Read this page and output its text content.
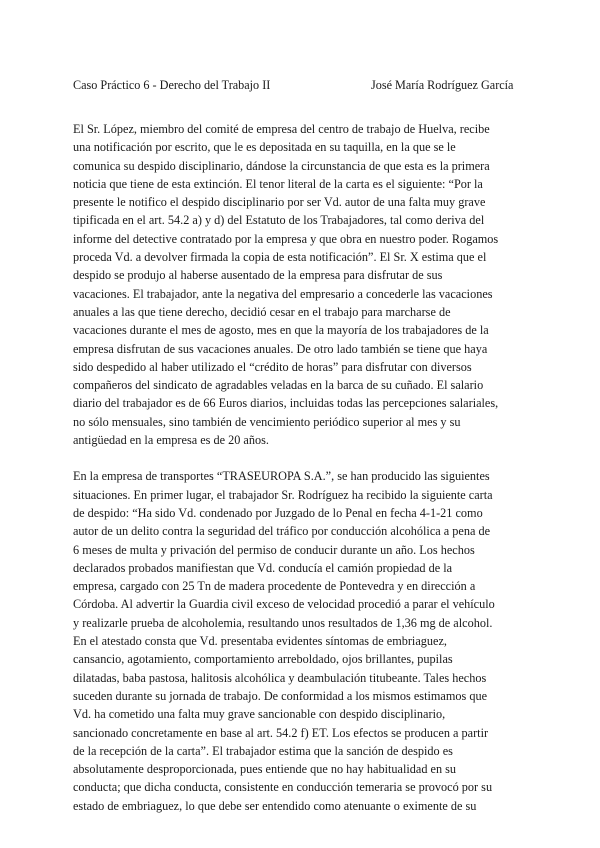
Caso Práctico 6 - Derecho del Trabajo II	José María Rodríguez García

El Sr. López, miembro del comité de empresa del centro de trabajo de Huelva, recibe
una notificación por escrito, que le es depositada en su taquilla, en la que se le
comunica su despido disciplinario, dándose la circunstancia de que esta es la primera
noticia que tiene de esta extinción. El tenor literal de la carta es el siguiente: “Por la
presente le notifico el despido disciplinario por ser Vd. autor de una falta muy grave
tipificada en el art. 54.2 a) y d) del Estatuto de los Trabajadores, tal como deriva del
informe del detective contratado por la empresa y que obra en nuestro poder. Rogamos
proceda Vd. a devolver firmada la copia de esta notificación”. El Sr. X estima que el
despido se produjo al haberse ausentado de la empresa para disfrutar de sus
vacaciones. El trabajador, ante la negativa del empresario a concederle las vacaciones
anuales a las que tiene derecho, decidió cesar en el trabajo para marcharse de
vacaciones durante el mes de agosto, mes en que la mayoría de los trabajadores de la
empresa disfrutan de sus vacaciones anuales. De otro lado también se tiene que haya
sido despedido al haber utilizado el “crédito de horas” para disfrutar con diversos
compañeros del sindicato de agradables veladas en la barca de su cuñado. El salario
diario del trabajador es de 66 Euros diarios, incluidas todas las percepciones salariales,
no sólo mensuales, sino también de vencimiento periódico superior al mes y su
antigüedad en la empresa es de 20 años.

En la empresa de transportes “TRASEUROPA S.A.”, se han producido las siguientes
situaciones. En primer lugar, el trabajador Sr. Rodríguez ha recibido la siguiente carta
de despido: “Ha sido Vd. condenado por Juzgado de lo Penal en fecha 4-1-21 como
autor de un delito contra la seguridad del tráfico por conducción alcohólica a pena de
6 meses de multa y privación del permiso de conducir durante un año. Los hechos
declarados probados manifiestan que Vd. conducía el camión propiedad de la
empresa, cargado con 25 Tn de madera procedente de Pontevedra y en dirección a
Córdoba. Al advertir la Guardia civil exceso de velocidad procedió a parar el vehículo
y realizarle prueba de alcoholemia, resultando unos resultados de 1,36 mg de alcohol.
En el atestado consta que Vd. presentaba evidentes síntomas de embriaguez,
cansancio, agotamiento, comportamiento arreboldado, ojos brillantes, pupilas
dilatadas, baba pastosa, halitosis alcohólica y deambulación titubeante. Tales hechos
suceden durante su jornada de trabajo. De conformidad a los mismos estimamos que
Vd. ha cometido una falta muy grave sancionable con despido disciplinario,
sancionado concretamente en base al art. 54.2 f) ET. Los efectos se producen a partir
de la recepción de la carta”. El trabajador estima que la sanción de despido es
absolutamente desproporcionada, pues entiende que no hay habitualidad en su
conducta; que dicha conducta, consistente en conducción temeraria se provocó por su
estado de embriaguez, lo que debe ser entendido como atenuante o eximente de su
